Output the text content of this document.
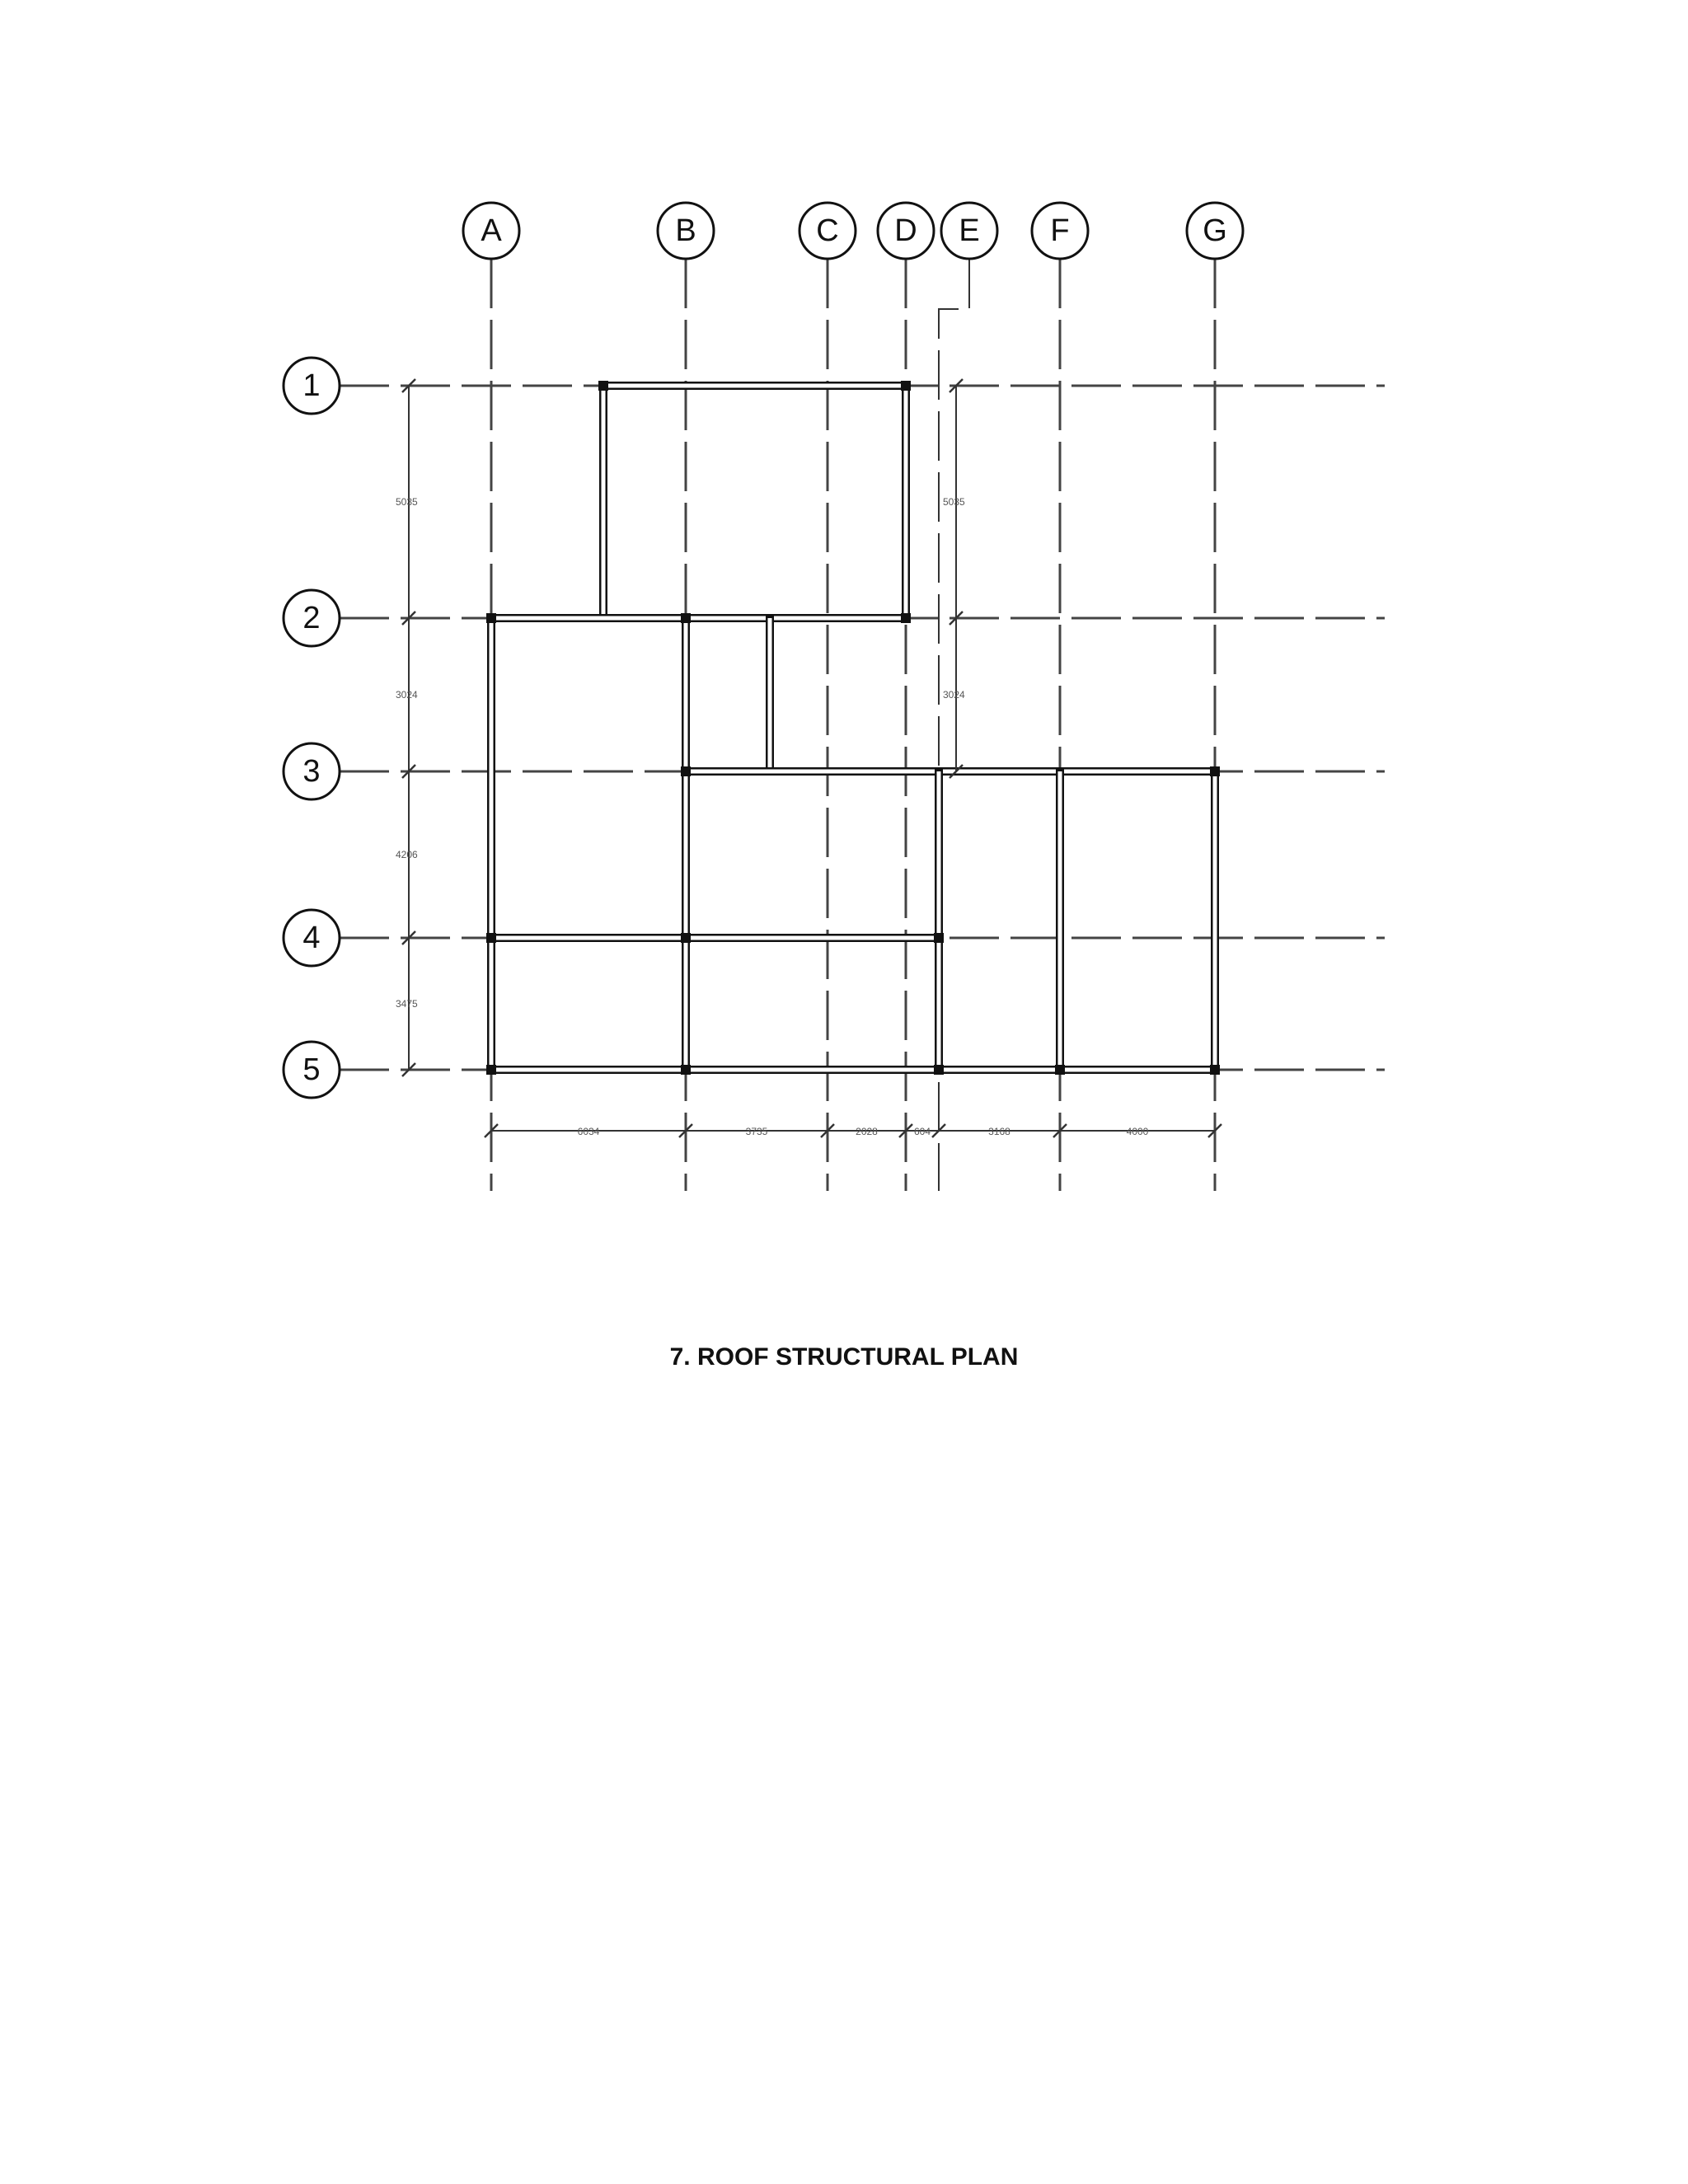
5035
3024
4206
3475
5035
3024
6034	3735	2028	604	3168	4000
A	B	C D E F	G
1
2
3
4
5
7. ROOF STRUCTURAL PLAN
